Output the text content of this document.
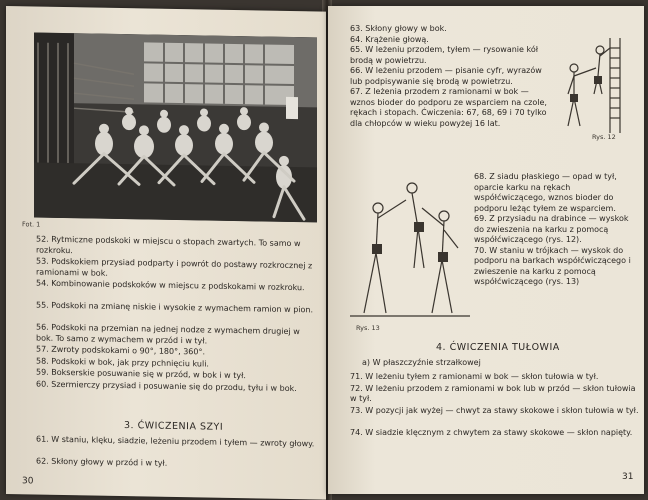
Fot. 1
52. Rytmiczne podskoki w miejscu o stopach zwartych. To samo w rozkroku.
53. Podskokiem przysiad podparty i powrót do postawy rozkrocznej z ramionami w bok.
54. Kombinowanie podskoków w miejscu z podskokami w rozkroku.
55. Podskoki na zmianę niskie i wysokie z wymachem ramion w pion.
56. Podskoki na przemian na jednej nodze z wymachem drugiej w bok. To samo z wymachem w przód i w tył.
57. Zwroty podskokami o 90°, 180°, 360°.
58. Podskoki w bok, jak przy pchnięciu kuli.
59. Bokserskie posuwanie się w przód, w bok i w tył.
60. Szermierczy przysiad i posuwanie się do przodu, tyłu i w bok.
3. ĆWICZENIA SZYI
61. W staniu, klęku, siadzie, leżeniu przodem i tyłem — zwroty głowy.
62. Skłony głowy w przód i w tył.
30
63. Skłony głowy w bok.
64. Krążenie głową.
65. W leżeniu przodem, tyłem — rysowanie kół brodą w powietrzu.
66. W leżeniu przodem — pisanie cyfr, wyrazów lub podpisywanie się brodą w powietrzu.
67. Z leżenia przodem z ramionami w bok — wznos bioder do podporu ze wsparciem na czole, rękach i stopach. Ćwiczenia: 67, 68, 69 i 70 tylko dla chłopców w wieku powyżej 16 lat.
Rys. 12
Rys. 13
68. Z siadu płaskiego — opad w tył, oparcie karku na rękach współćwiczącego, wznos bioder do podporu leżąc tyłem ze wsparciem.
69. Z przysiadu na drabince — wyskok do zwieszenia na karku z pomocą współćwiczącego (rys. 12).
70. W staniu w trójkach — wyskok do podporu na barkach współćwiczącego i zwieszenie na karku z pomocą współćwiczącego (rys. 13)
4. ĆWICZENIA TUŁOWIA
a) W płaszczyźnie strzałkowej
71. W leżeniu tyłem z ramionami w bok — skłon tułowia w tył.
72. W leżeniu przodem z ramionami w bok lub w przód — skłon tułowia w tył.
73. W pozycji jak wyżej — chwyt za stawy skokowe i skłon tułowia w tył.
74. W siadzie klęcznym z chwytem za stawy skokowe — skłon napięty.
31
